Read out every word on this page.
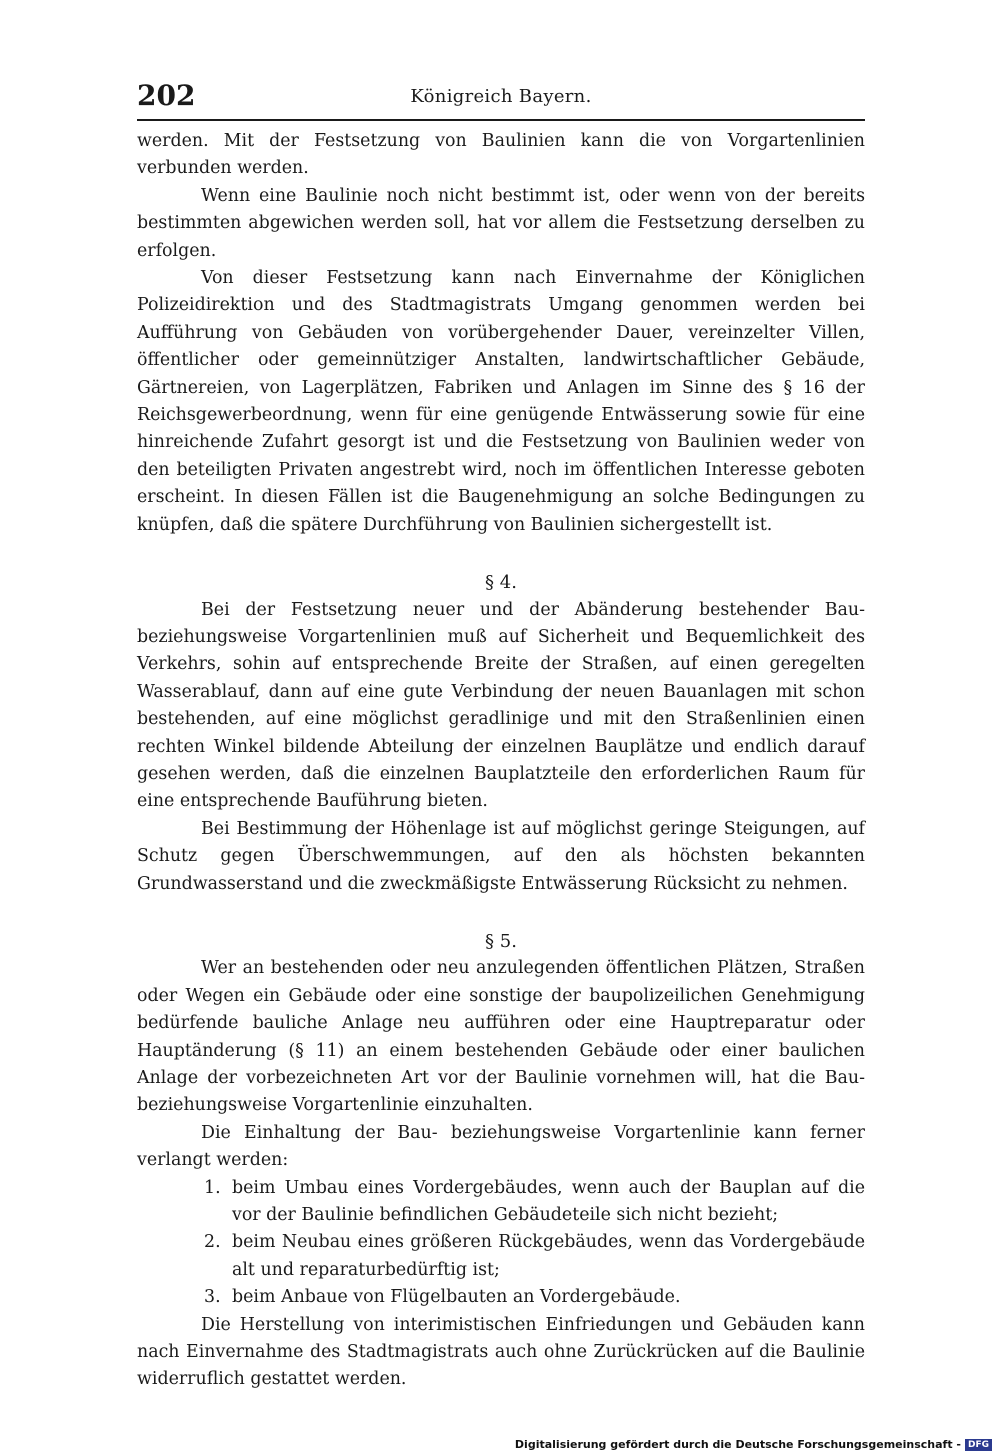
202	Königreich Bayern.

werden. Mit der Festsetzung von Baulinien kann die von Vorgartenlinien verbunden werden.

Wenn eine Baulinie noch nicht bestimmt ist, oder wenn von der bereits bestimmten abgewichen werden soll, hat vor allem die Festsetzung derselben zu erfolgen.

Von dieser Festsetzung kann nach Einvernahme der Königlichen Polizeidirektion und des Stadtmagistrats Umgang genommen werden bei Aufführung von Gebäuden von vorübergehender Dauer, vereinzelter Villen, öffentlicher oder gemeinnütziger Anstalten, landwirtschaftlicher Gebäude, Gärtnereien, von Lagerplätzen, Fabriken und Anlagen im Sinne des § 16 der Reichsgewerbeordnung, wenn für eine genügende Entwässerung sowie für eine hinreichende Zufahrt gesorgt ist und die Festsetzung von Baulinien weder von den beteiligten Privaten angestrebt wird, noch im öffentlichen Interesse geboten erscheint. In diesen Fällen ist die Baugenehmigung an solche Bedingungen zu knüpfen, daß die spätere Durchführung von Baulinien sichergestellt ist.

§ 4.

Bei der Festsetzung neuer und der Abänderung bestehender Bau- beziehungsweise Vorgartenlinien muß auf Sicherheit und Bequemlichkeit des Verkehrs, sohin auf entsprechende Breite der Straßen, auf einen geregelten Wasserablauf, dann auf eine gute Verbindung der neuen Bauanlagen mit schon bestehenden, auf eine möglichst geradlinige und mit den Straßenlinien einen rechten Winkel bildende Abteilung der einzelnen Bauplätze und endlich darauf gesehen werden, daß die einzelnen Bauplatzteile den erforderlichen Raum für eine entsprechende Bauführung bieten.

Bei Bestimmung der Höhenlage ist auf möglichst geringe Steigungen, auf Schutz gegen Überschwemmungen, auf den als höchsten bekannten Grundwasserstand und die zweckmäßigste Entwässerung Rücksicht zu nehmen.

§ 5.

Wer an bestehenden oder neu anzulegenden öffentlichen Plätzen, Straßen oder Wegen ein Gebäude oder eine sonstige der baupolizeilichen Genehmigung bedürfende bauliche Anlage neu aufführen oder eine Hauptreparatur oder Hauptänderung (§ 11) an einem bestehenden Gebäude oder einer baulichen Anlage der vorbezeichneten Art vor der Baulinie vornehmen will, hat die Bau- beziehungsweise Vorgartenlinie einzuhalten.

Die Einhaltung der Bau- beziehungsweise Vorgartenlinie kann ferner verlangt werden:

1. beim Umbau eines Vordergebäudes, wenn auch der Bauplan auf die vor der Baulinie befindlichen Gebäudeteile sich nicht bezieht;
2. beim Neubau eines größeren Rückgebäudes, wenn das Vordergebäude alt und reparaturbedürftig ist;
3. beim Anbaue von Flügelbauten an Vordergebäude.

Die Herstellung von interimistischen Einfriedungen und Gebäuden kann nach Einvernahme des Stadtmagistrats auch ohne Zurückrücken auf die Baulinie widerruflich gestattet werden.

Digitalisierung gefördert durch die Deutsche Forschungsgemeinschaft - DFG
